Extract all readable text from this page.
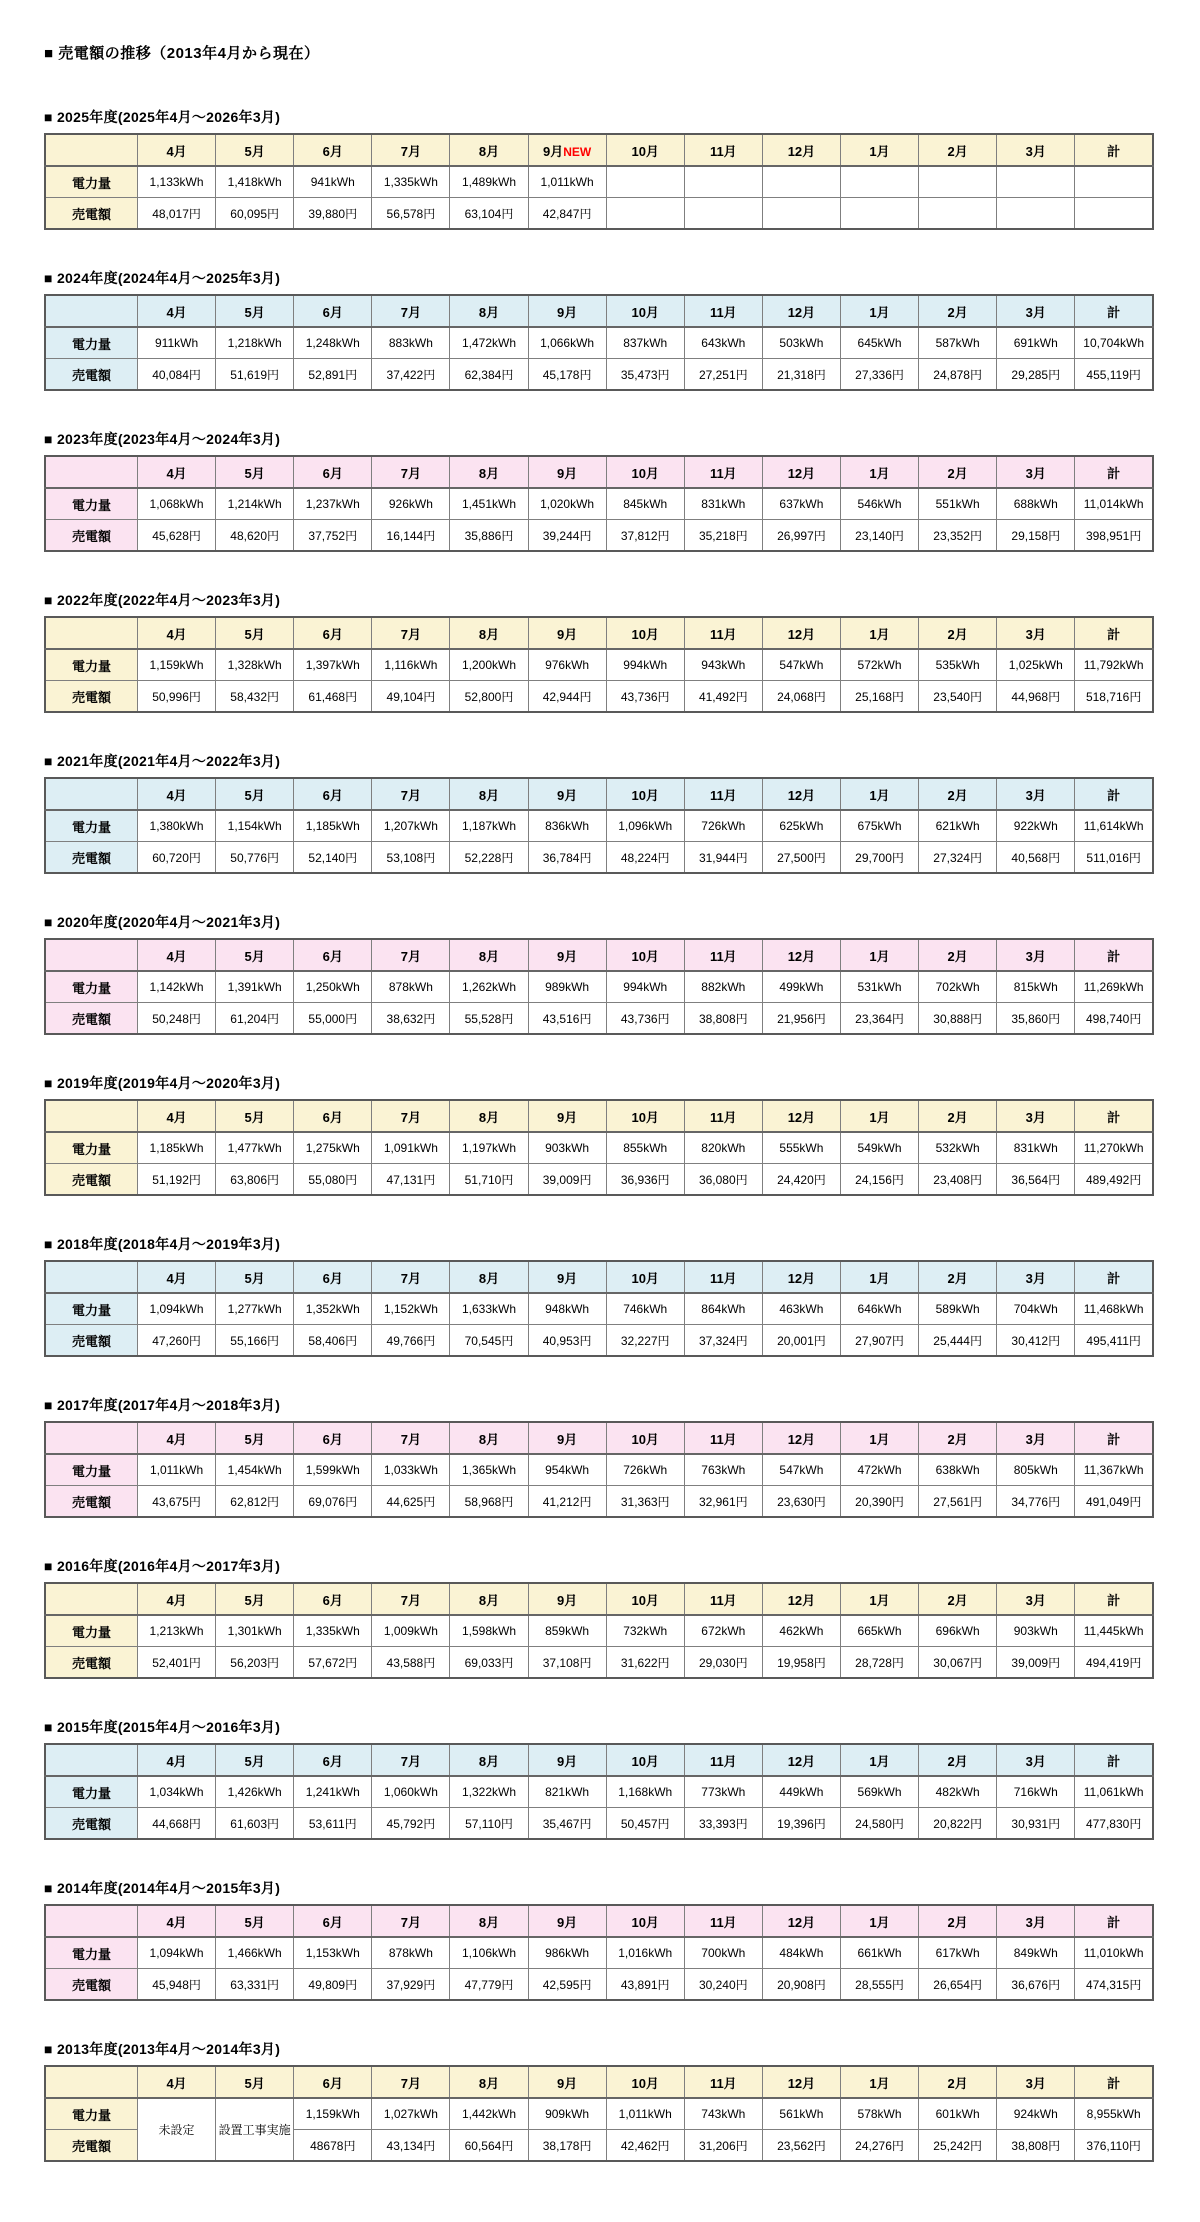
■ 売電額の推移（2013年4月から現在）
■ 2025年度(2025年4月～2026年3月)
	4月	5月	6月	7月	8月	9月NEW	10月	11月	12月	1月	2月	3月	計
電力量	1,133kWh	1,418kWh	941kWh	1,335kWh	1,489kWh	1,011kWh							
売電額	48,017円	60,095円	39,880円	56,578円	63,104円	42,847円							
■ 2024年度(2024年4月～2025年3月)
	4月	5月	6月	7月	8月	9月	10月	11月	12月	1月	2月	3月	計
電力量	911kWh	1,218kWh	1,248kWh	883kWh	1,472kWh	1,066kWh	837kWh	643kWh	503kWh	645kWh	587kWh	691kWh	10,704kWh
売電額	40,084円	51,619円	52,891円	37,422円	62,384円	45,178円	35,473円	27,251円	21,318円	27,336円	24,878円	29,285円	455,119円
■ 2023年度(2023年4月～2024年3月)
	4月	5月	6月	7月	8月	9月	10月	11月	12月	1月	2月	3月	計
電力量	1,068kWh	1,214kWh	1,237kWh	926kWh	1,451kWh	1,020kWh	845kWh	831kWh	637kWh	546kWh	551kWh	688kWh	11,014kWh
売電額	45,628円	48,620円	37,752円	16,144円	35,886円	39,244円	37,812円	35,218円	26,997円	23,140円	23,352円	29,158円	398,951円
■ 2022年度(2022年4月～2023年3月)
	4月	5月	6月	7月	8月	9月	10月	11月	12月	1月	2月	3月	計
電力量	1,159kWh	1,328kWh	1,397kWh	1,116kWh	1,200kWh	976kWh	994kWh	943kWh	547kWh	572kWh	535kWh	1,025kWh	11,792kWh
売電額	50,996円	58,432円	61,468円	49,104円	52,800円	42,944円	43,736円	41,492円	24,068円	25,168円	23,540円	44,968円	518,716円
■ 2021年度(2021年4月～2022年3月)
	4月	5月	6月	7月	8月	9月	10月	11月	12月	1月	2月	3月	計
電力量	1,380kWh	1,154kWh	1,185kWh	1,207kWh	1,187kWh	836kWh	1,096kWh	726kWh	625kWh	675kWh	621kWh	922kWh	11,614kWh
売電額	60,720円	50,776円	52,140円	53,108円	52,228円	36,784円	48,224円	31,944円	27,500円	29,700円	27,324円	40,568円	511,016円
■ 2020年度(2020年4月～2021年3月)
	4月	5月	6月	7月	8月	9月	10月	11月	12月	1月	2月	3月	計
電力量	1,142kWh	1,391kWh	1,250kWh	878kWh	1,262kWh	989kWh	994kWh	882kWh	499kWh	531kWh	702kWh	815kWh	11,269kWh
売電額	50,248円	61,204円	55,000円	38,632円	55,528円	43,516円	43,736円	38,808円	21,956円	23,364円	30,888円	35,860円	498,740円
■ 2019年度(2019年4月～2020年3月)
	4月	5月	6月	7月	8月	9月	10月	11月	12月	1月	2月	3月	計
電力量	1,185kWh	1,477kWh	1,275kWh	1,091kWh	1,197kWh	903kWh	855kWh	820kWh	555kWh	549kWh	532kWh	831kWh	11,270kWh
売電額	51,192円	63,806円	55,080円	47,131円	51,710円	39,009円	36,936円	36,080円	24,420円	24,156円	23,408円	36,564円	489,492円
■ 2018年度(2018年4月～2019年3月)
	4月	5月	6月	7月	8月	9月	10月	11月	12月	1月	2月	3月	計
電力量	1,094kWh	1,277kWh	1,352kWh	1,152kWh	1,633kWh	948kWh	746kWh	864kWh	463kWh	646kWh	589kWh	704kWh	11,468kWh
売電額	47,260円	55,166円	58,406円	49,766円	70,545円	40,953円	32,227円	37,324円	20,001円	27,907円	25,444円	30,412円	495,411円
■ 2017年度(2017年4月～2018年3月)
	4月	5月	6月	7月	8月	9月	10月	11月	12月	1月	2月	3月	計
電力量	1,011kWh	1,454kWh	1,599kWh	1,033kWh	1,365kWh	954kWh	726kWh	763kWh	547kWh	472kWh	638kWh	805kWh	11,367kWh
売電額	43,675円	62,812円	69,076円	44,625円	58,968円	41,212円	31,363円	32,961円	23,630円	20,390円	27,561円	34,776円	491,049円
■ 2016年度(2016年4月～2017年3月)
	4月	5月	6月	7月	8月	9月	10月	11月	12月	1月	2月	3月	計
電力量	1,213kWh	1,301kWh	1,335kWh	1,009kWh	1,598kWh	859kWh	732kWh	672kWh	462kWh	665kWh	696kWh	903kWh	11,445kWh
売電額	52,401円	56,203円	57,672円	43,588円	69,033円	37,108円	31,622円	29,030円	19,958円	28,728円	30,067円	39,009円	494,419円
■ 2015年度(2015年4月～2016年3月)
	4月	5月	6月	7月	8月	9月	10月	11月	12月	1月	2月	3月	計
電力量	1,034kWh	1,426kWh	1,241kWh	1,060kWh	1,322kWh	821kWh	1,168kWh	773kWh	449kWh	569kWh	482kWh	716kWh	11,061kWh
売電額	44,668円	61,603円	53,611円	45,792円	57,110円	35,467円	50,457円	33,393円	19,396円	24,580円	20,822円	30,931円	477,830円
■ 2014年度(2014年4月～2015年3月)
	4月	5月	6月	7月	8月	9月	10月	11月	12月	1月	2月	3月	計
電力量	1,094kWh	1,466kWh	1,153kWh	878kWh	1,106kWh	986kWh	1,016kWh	700kWh	484kWh	661kWh	617kWh	849kWh	11,010kWh
売電額	45,948円	63,331円	49,809円	37,929円	47,779円	42,595円	43,891円	30,240円	20,908円	28,555円	26,654円	36,676円	474,315円
■ 2013年度(2013年4月～2014年3月)
	4月	5月	6月	7月	8月	9月	10月	11月	12月	1月	2月	3月	計
電力量	未設定	設置工事実施	1,159kWh	1,027kWh	1,442kWh	909kWh	1,011kWh	743kWh	561kWh	578kWh	601kWh	924kWh	8,955kWh
売電額			48678円	43,134円	60,564円	38,178円	42,462円	31,206円	23,562円	24,276円	25,242円	38,808円	376,110円
